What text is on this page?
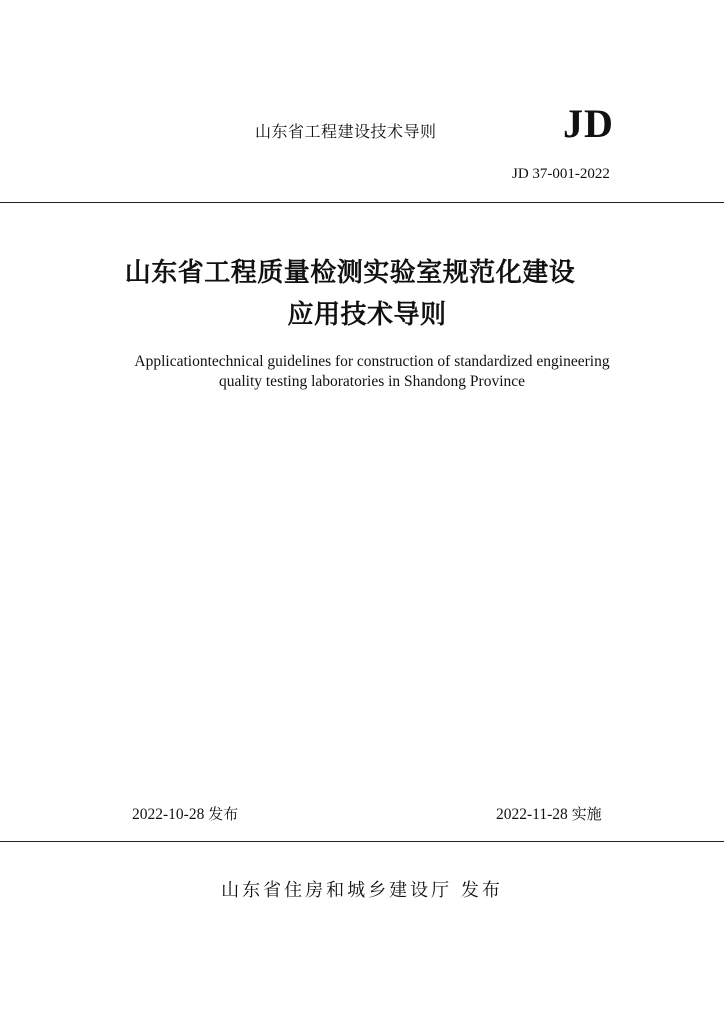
山东省工程建设技术导则	JD
JD 37-001-2022
山东省工程质量检测实验室规范化建设
应用技术导则
Applicationtechnical guidelines for construction of standardized engineering
quality testing laboratories in Shandong Province
2022-10-28 发布	2022-11-28 实施
山东省住房和城乡建设厅 发布
